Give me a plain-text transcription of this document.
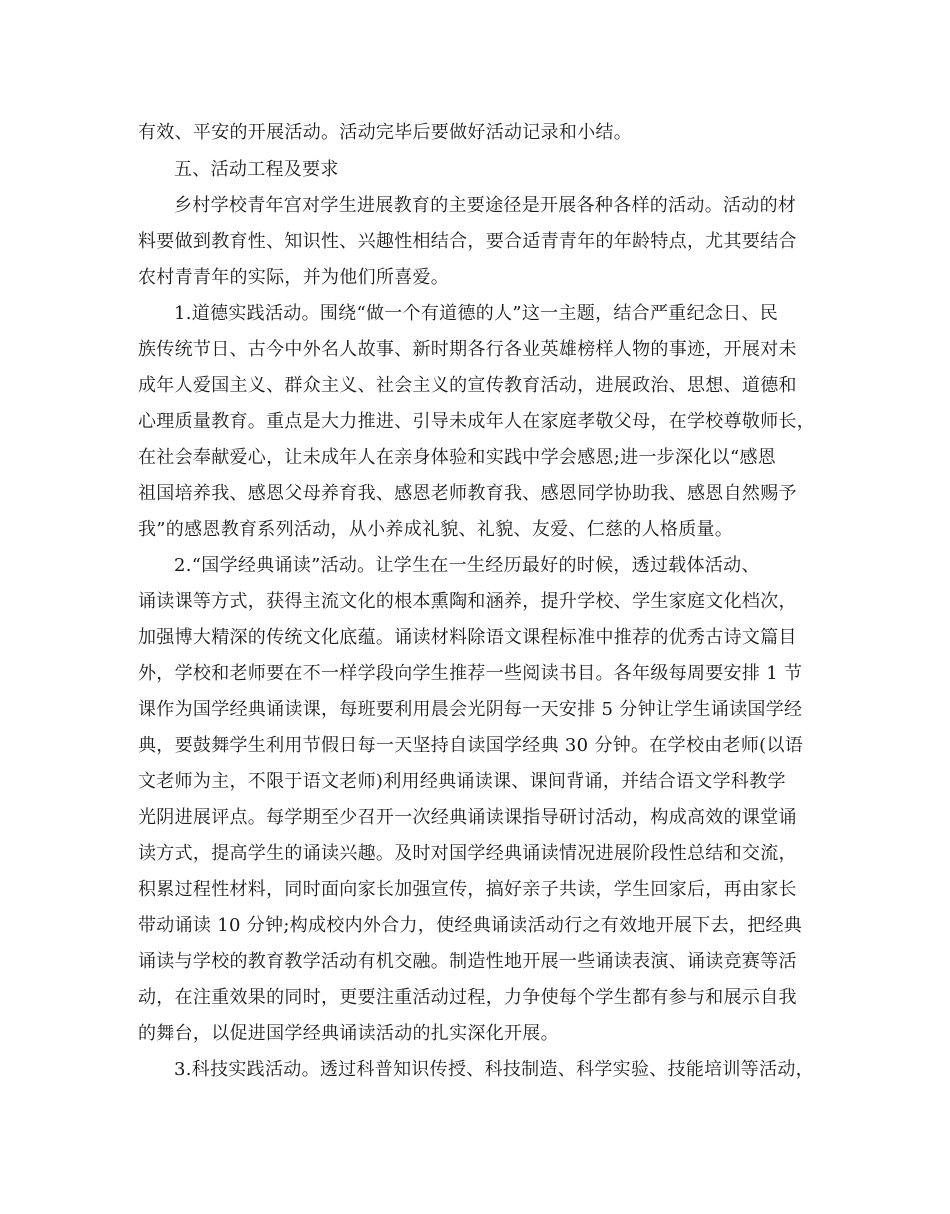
有效、平安的开展活动。活动完毕后要做好活动记录和小结。
五、活动工程及要求
乡村学校青年宫对学生进展教育的主要途径是开展各种各样的活动。活动的材
料要做到教育性、知识性、兴趣性相结合，要合适青青年的年龄特点，尤其要结合
农村青青年的实际，并为他们所喜爱。
1.道德实践活动。围绕“做一个有道德的人”这一主题，结合严重纪念日、民
族传统节日、古今中外名人故事、新时期各行各业英雄榜样人物的事迹，开展对未
成年人爱国主义、群众主义、社会主义的宣传教育活动，进展政治、思想、道德和
心理质量教育。重点是大力推进、引导未成年人在家庭孝敬父母，在学校尊敬师长，
在社会奉献爱心，让未成年人在亲身体验和实践中学会感恩;进一步深化以“感恩
祖国培养我、感恩父母养育我、感恩老师教育我、感恩同学协助我、感恩自然赐予
我”的感恩教育系列活动，从小养成礼貌、礼貌、友爱、仁慈的人格质量。
2.“国学经典诵读”活动。让学生在一生经历最好的时候，透过载体活动、
诵读课等方式，获得主流文化的根本熏陶和涵养，提升学校、学生家庭文化档次，
加强博大精深的传统文化底蕴。诵读材料除语文课程标准中推荐的优秀古诗文篇目
外，学校和老师要在不一样学段向学生推荐一些阅读书目。各年级每周要安排 1 节
课作为国学经典诵读课，每班要利用晨会光阴每一天安排 5 分钟让学生诵读国学经
典，要鼓舞学生利用节假日每一天坚持自读国学经典 30 分钟。在学校由老师(以语
文老师为主，不限于语文老师)利用经典诵读课、课间背诵，并结合语文学科教学
光阴进展评点。每学期至少召开一次经典诵读课指导研讨活动，构成高效的课堂诵
读方式，提高学生的诵读兴趣。及时对国学经典诵读情况进展阶段性总结和交流，
积累过程性材料，同时面向家长加强宣传，搞好亲子共读，学生回家后，再由家长
带动诵读 10 分钟;构成校内外合力，使经典诵读活动行之有效地开展下去，把经典
诵读与学校的教育教学活动有机交融。制造性地开展一些诵读表演、诵读竞赛等活
动，在注重效果的同时，更要注重活动过程，力争使每个学生都有参与和展示自我
的舞台，以促进国学经典诵读活动的扎实深化开展。
3.科技实践活动。透过科普知识传授、科技制造、科学实验、技能培训等活动，
